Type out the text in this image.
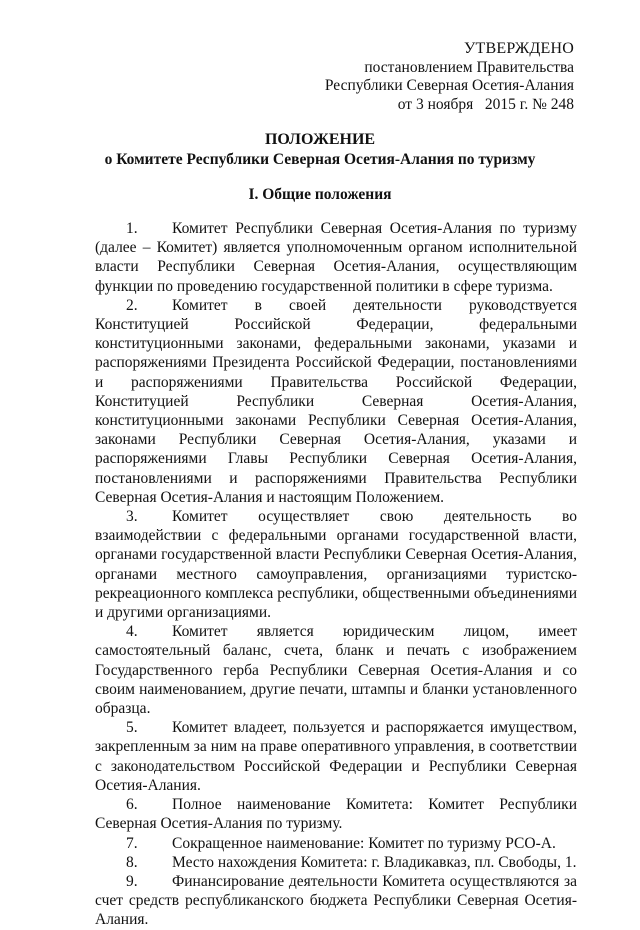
УТВЕРЖДЕНО
постановлением Правительства
Республики Северная Осетия-Алания
от 3 ноября   2015 г. № 248
ПОЛОЖЕНИЕ
о Комитете Республики Северная Осетия-Алания по туризму
I. Общие положения

1. Комитет Республики Северная Осетия-Алания по туризму (далее – Комитет) является уполномоченным органом исполнительной власти Республики Северная Осетия-Алания, осуществляющим функции по проведению государственной политики в сфере туризма.

2. Комитет в своей деятельности руководствуется Конституцией Российской Федерации, федеральными конституционными законами, федеральными законами, указами и распоряжениями Президента Российской Федерации, постановлениями и распоряжениями Правительства Российской Федерации, Конституцией Республики Северная Осетия-Алания, конституционными законами Республики Северная Осетия-Алания, законами Республики Северная Осетия-Алания, указами и распоряжениями Главы Республики Северная Осетия-Алания, постановлениями и распоряжениями Правительства Республики Северная Осетия-Алания и настоящим Положением.

3. Комитет осуществляет свою деятельность во взаимодействии с федеральными органами государственной власти, органами государственной власти Республики Северная Осетия-Алания, органами местного самоуправления, организациями туристско-рекреационного комплекса республики, общественными объединениями и другими организациями.

4. Комитет является юридическим лицом, имеет самостоятельный баланс, счета, бланк и печать с изображением Государственного герба Республики Северная Осетия-Алания и со своим наименованием, другие печати, штампы и бланки установленного образца.

5. Комитет владеет, пользуется и распоряжается имуществом, закрепленным за ним на праве оперативного управления, в соответствии с законодательством Российской Федерации и Республики Северная Осетия-Алания.

6. Полное наименование Комитета: Комитет Республики Северная Осетия-Алания по туризму.

7. Сокращенное наименование: Комитет по туризму РСО-А.

8. Место нахождения Комитета: г. Владикавказ, пл. Свободы, 1.

9. Финансирование деятельности Комитета осуществляются за счет средств республиканского бюджета Республики Северная Осетия-Алания.
